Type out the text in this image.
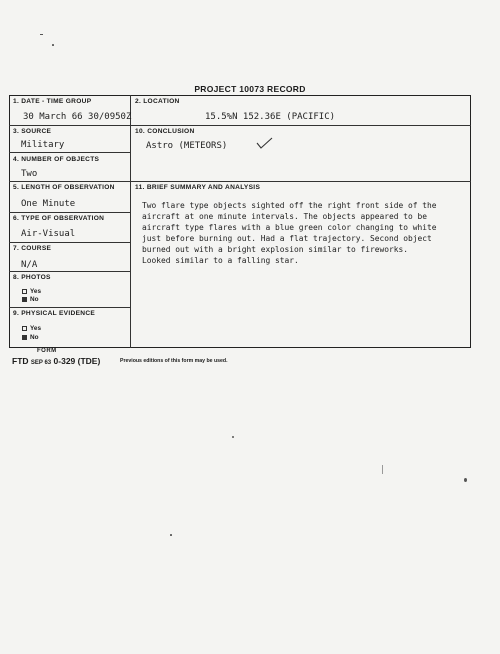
PROJECT 10073 RECORD
1. DATE - TIME GROUP
30 March 66 30/0950Z
2. LOCATION
15.5%N 152.36E (PACIFIC)
3. SOURCE
Military
10. CONCLUSION
Astro (METEORS)
4. NUMBER OF OBJECTS
Two
5. LENGTH OF OBSERVATION
One Minute
11. BRIEF SUMMARY AND ANALYSIS
Two flare type objects sighted off the right front side of the
aircraft at one minute intervals. The objects appeared to be
aircraft type flares with a blue green color changing to white
just before burning out. Had a flat trajectory. Second object
burned out with a bright explosion similar to fireworks.
Looked similar to a falling star.
6. TYPE OF OBSERVATION
Air-Visual
7. COURSE
N/A
8. PHOTOS
Yes
No
9. PHYSICAL EVIDENCE
Yes
No
FORM
FTD SEP 63 0-329 (TDE)	Previous editions of this form may be used.
